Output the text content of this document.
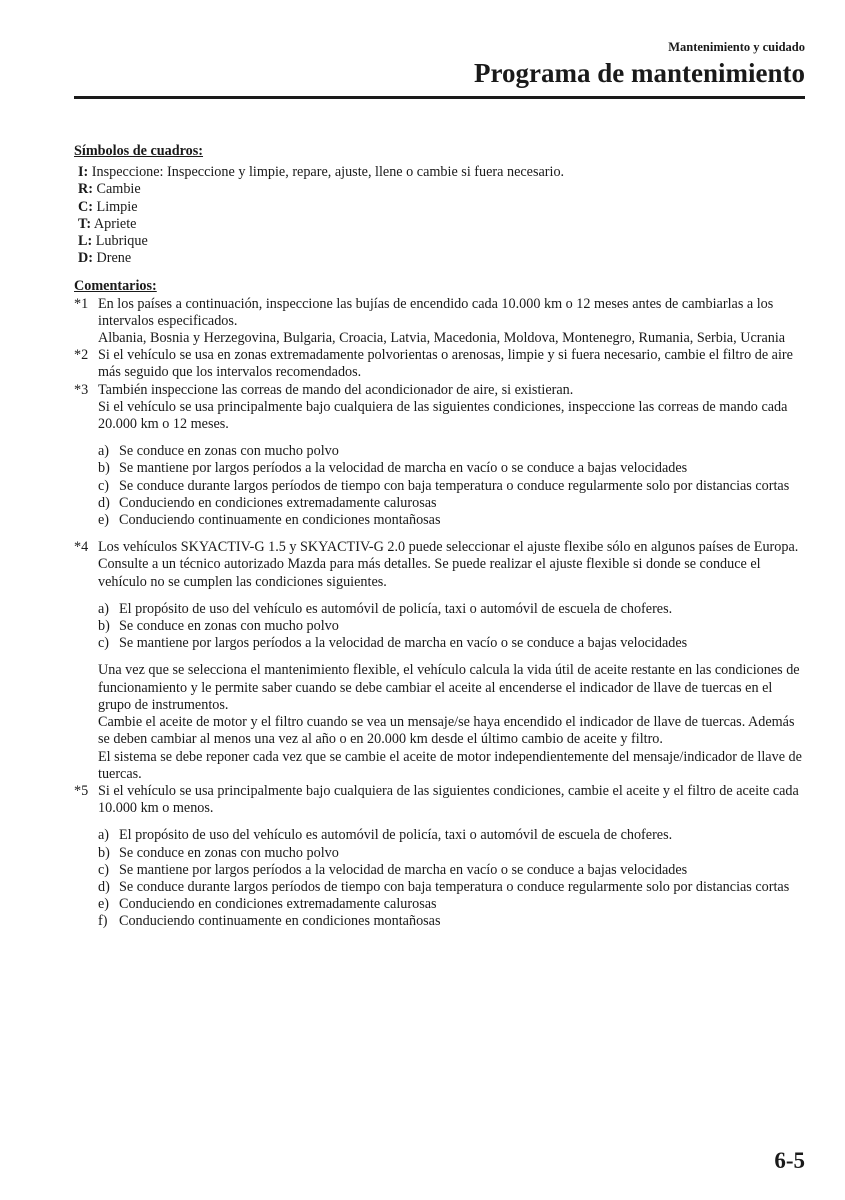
Mantenimiento y cuidado
Programa de mantenimiento
Símbolos de cuadros:
I: Inspeccione: Inspeccione y limpie, repare, ajuste, llene o cambie si fuera necesario.
R: Cambie
C: Limpie
T: Apriete
L: Lubrique
D: Drene
Comentarios:
*1 En los países a continuación, inspeccione las bujías de encendido cada 10.000 km o 12 meses antes de cambiarlas a los intervalos especificados.
Albania, Bosnia y Herzegovina, Bulgaria, Croacia, Latvia, Macedonia, Moldova, Montenegro, Rumania, Serbia, Ucrania
*2 Si el vehículo se usa en zonas extremadamente polvorientas o arenosas, limpie y si fuera necesario, cambie el filtro de aire más seguido que los intervalos recomendados.
*3 También inspeccione las correas de mando del acondicionador de aire, si existieran.
Si el vehículo se usa principalmente bajo cualquiera de las siguientes condiciones, inspeccione las correas de mando cada 20.000 km o 12 meses.
a) Se conduce en zonas con mucho polvo
b) Se mantiene por largos períodos a la velocidad de marcha en vacío o se conduce a bajas velocidades
c) Se conduce durante largos períodos de tiempo con baja temperatura o conduce regularmente solo por distancias cortas
d) Conduciendo en condiciones extremadamente calurosas
e) Conduciendo continuamente en condiciones montañosas
*4 Los vehículos SKYACTIV-G 1.5 y SKYACTIV-G 2.0 puede seleccionar el ajuste flexibe sólo en algunos países de Europa. Consulte a un técnico autorizado Mazda para más detalles. Se puede realizar el ajuste flexible si donde se conduce el vehículo no se cumplen las condiciones siguientes.
a) El propósito de uso del vehículo es automóvil de policía, taxi o automóvil de escuela de choferes.
b) Se conduce en zonas con mucho polvo
c) Se mantiene por largos períodos a la velocidad de marcha en vacío o se conduce a bajas velocidades
Una vez que se selecciona el mantenimiento flexible, el vehículo calcula la vida útil de aceite restante en las condiciones de funcionamiento y le permite saber cuando se debe cambiar el aceite al encenderse el indicador de llave de tuercas en el grupo de instrumentos.
Cambie el aceite de motor y el filtro cuando se vea un mensaje/se haya encendido el indicador de llave de tuercas. Además se deben cambiar al menos una vez al año o en 20.000 km desde el último cambio de aceite y filtro.
El sistema se debe reponer cada vez que se cambie el aceite de motor independientemente del mensaje/indicador de llave de tuercas.
*5 Si el vehículo se usa principalmente bajo cualquiera de las siguientes condiciones, cambie el aceite y el filtro de aceite cada 10.000 km o menos.
a) El propósito de uso del vehículo es automóvil de policía, taxi o automóvil de escuela de choferes.
b) Se conduce en zonas con mucho polvo
c) Se mantiene por largos períodos a la velocidad de marcha en vacío o se conduce a bajas velocidades
d) Se conduce durante largos períodos de tiempo con baja temperatura o conduce regularmente solo por distancias cortas
e) Conduciendo en condiciones extremadamente calurosas
f) Conduciendo continuamente en condiciones montañosas
6-5
